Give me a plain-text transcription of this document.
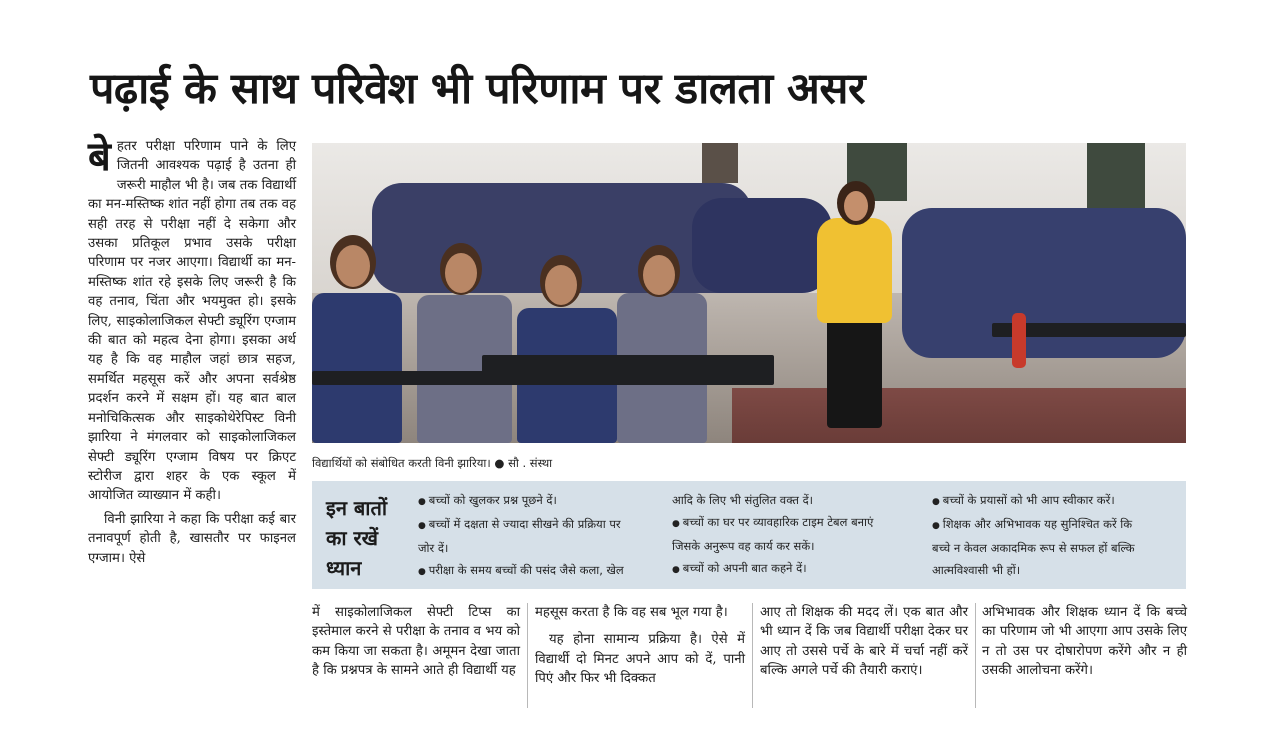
पढ़ाई के साथ परिवेश भी परिणाम पर डालता असर

बेहतर परीक्षा परिणाम पाने के लिए जितनी आवश्यक पढ़ाई है उतना ही जरूरी माहौल भी है। जब तक विद्यार्थी का मन-मस्तिष्क शांत नहीं होगा तब तक वह सही तरह से परीक्षा नहीं दे सकेगा और उसका प्रतिकूल प्रभाव उसके परीक्षा परिणाम पर नजर आएगा। विद्यार्थी का मन-मस्तिष्क शांत रहे इसके लिए जरूरी है कि वह तनाव, चिंता और भयमुक्त हो। इसके लिए, साइकोलाजिकल सेफ्टी ड्यूरिंग एग्जाम की बात को महत्व देना होगा। इसका अर्थ यह है कि वह माहौल जहां छात्र सहज, समर्थित महसूस करें और अपना सर्वश्रेष्ठ प्रदर्शन करने में सक्षम हों। यह बात बाल मनोचिकित्सक और साइकोथेरेपिस्ट विनी झारिया ने मंगलवार को साइकोलाजिकल सेफ्टी ड्यूरिंग एग्जाम विषय पर क्रिएट स्टोरीज द्वारा शहर के एक स्कूल में आयोजित व्याख्यान में कही।

विनी झारिया ने कहा कि परीक्षा कई बार तनावपूर्ण होती है, खासतौर पर फाइनल एग्जाम। ऐसे

विद्यार्थियों को संबोधित करती विनी झारिया। ● सौ . संस्था
इन बातों
का रखें
ध्यान
● बच्चों को खुलकर प्रश्न पूछने दें।
● बच्चों में दक्षता से ज्यादा सीखने की प्रक्रिया पर
जोर दें।
● परीक्षा के समय बच्चों की पसंद जैसे कला, खेल
आदि के लिए भी संतुलित वक्त दें।
● बच्चों का घर पर व्यावहारिक टाइम टेबल बनाएं
जिसके अनुरूप वह कार्य कर सकें।
● बच्चों को अपनी बात कहने दें।
● बच्चों के प्रयासों को भी आप स्वीकार करें।
● शिक्षक और अभिभावक यह सुनिश्चित करें कि
बच्चे न केवल अकादमिक रूप से सफल हों बल्कि
आत्मविश्वासी भी हों।

में साइकोलाजिकल सेफ्टी टिप्स का इस्तेमाल करने से परीक्षा के तनाव व भय को कम किया जा सकता है। अमूमन देखा जाता है कि प्रश्नपत्र के सामने आते ही विद्यार्थी यह

महसूस करता है कि वह सब भूल गया है।

यह होना सामान्य प्रक्रिया है। ऐसे में विद्यार्थी दो मिनट अपने आप को दें, पानी पिएं और फिर भी दिक्कत

आए तो शिक्षक की मदद लें। एक बात और भी ध्यान दें कि जब विद्यार्थी परीक्षा देकर घर आए तो उससे पर्चे के बारे में चर्चा नहीं करें बल्कि अगले पर्चे की तैयारी कराएं।

अभिभावक और शिक्षक ध्यान दें कि बच्चे का परिणाम जो भी आएगा आप उसके लिए न तो उस पर दोषारोपण करेंगे और न ही उसकी आलोचना करेंगे।
